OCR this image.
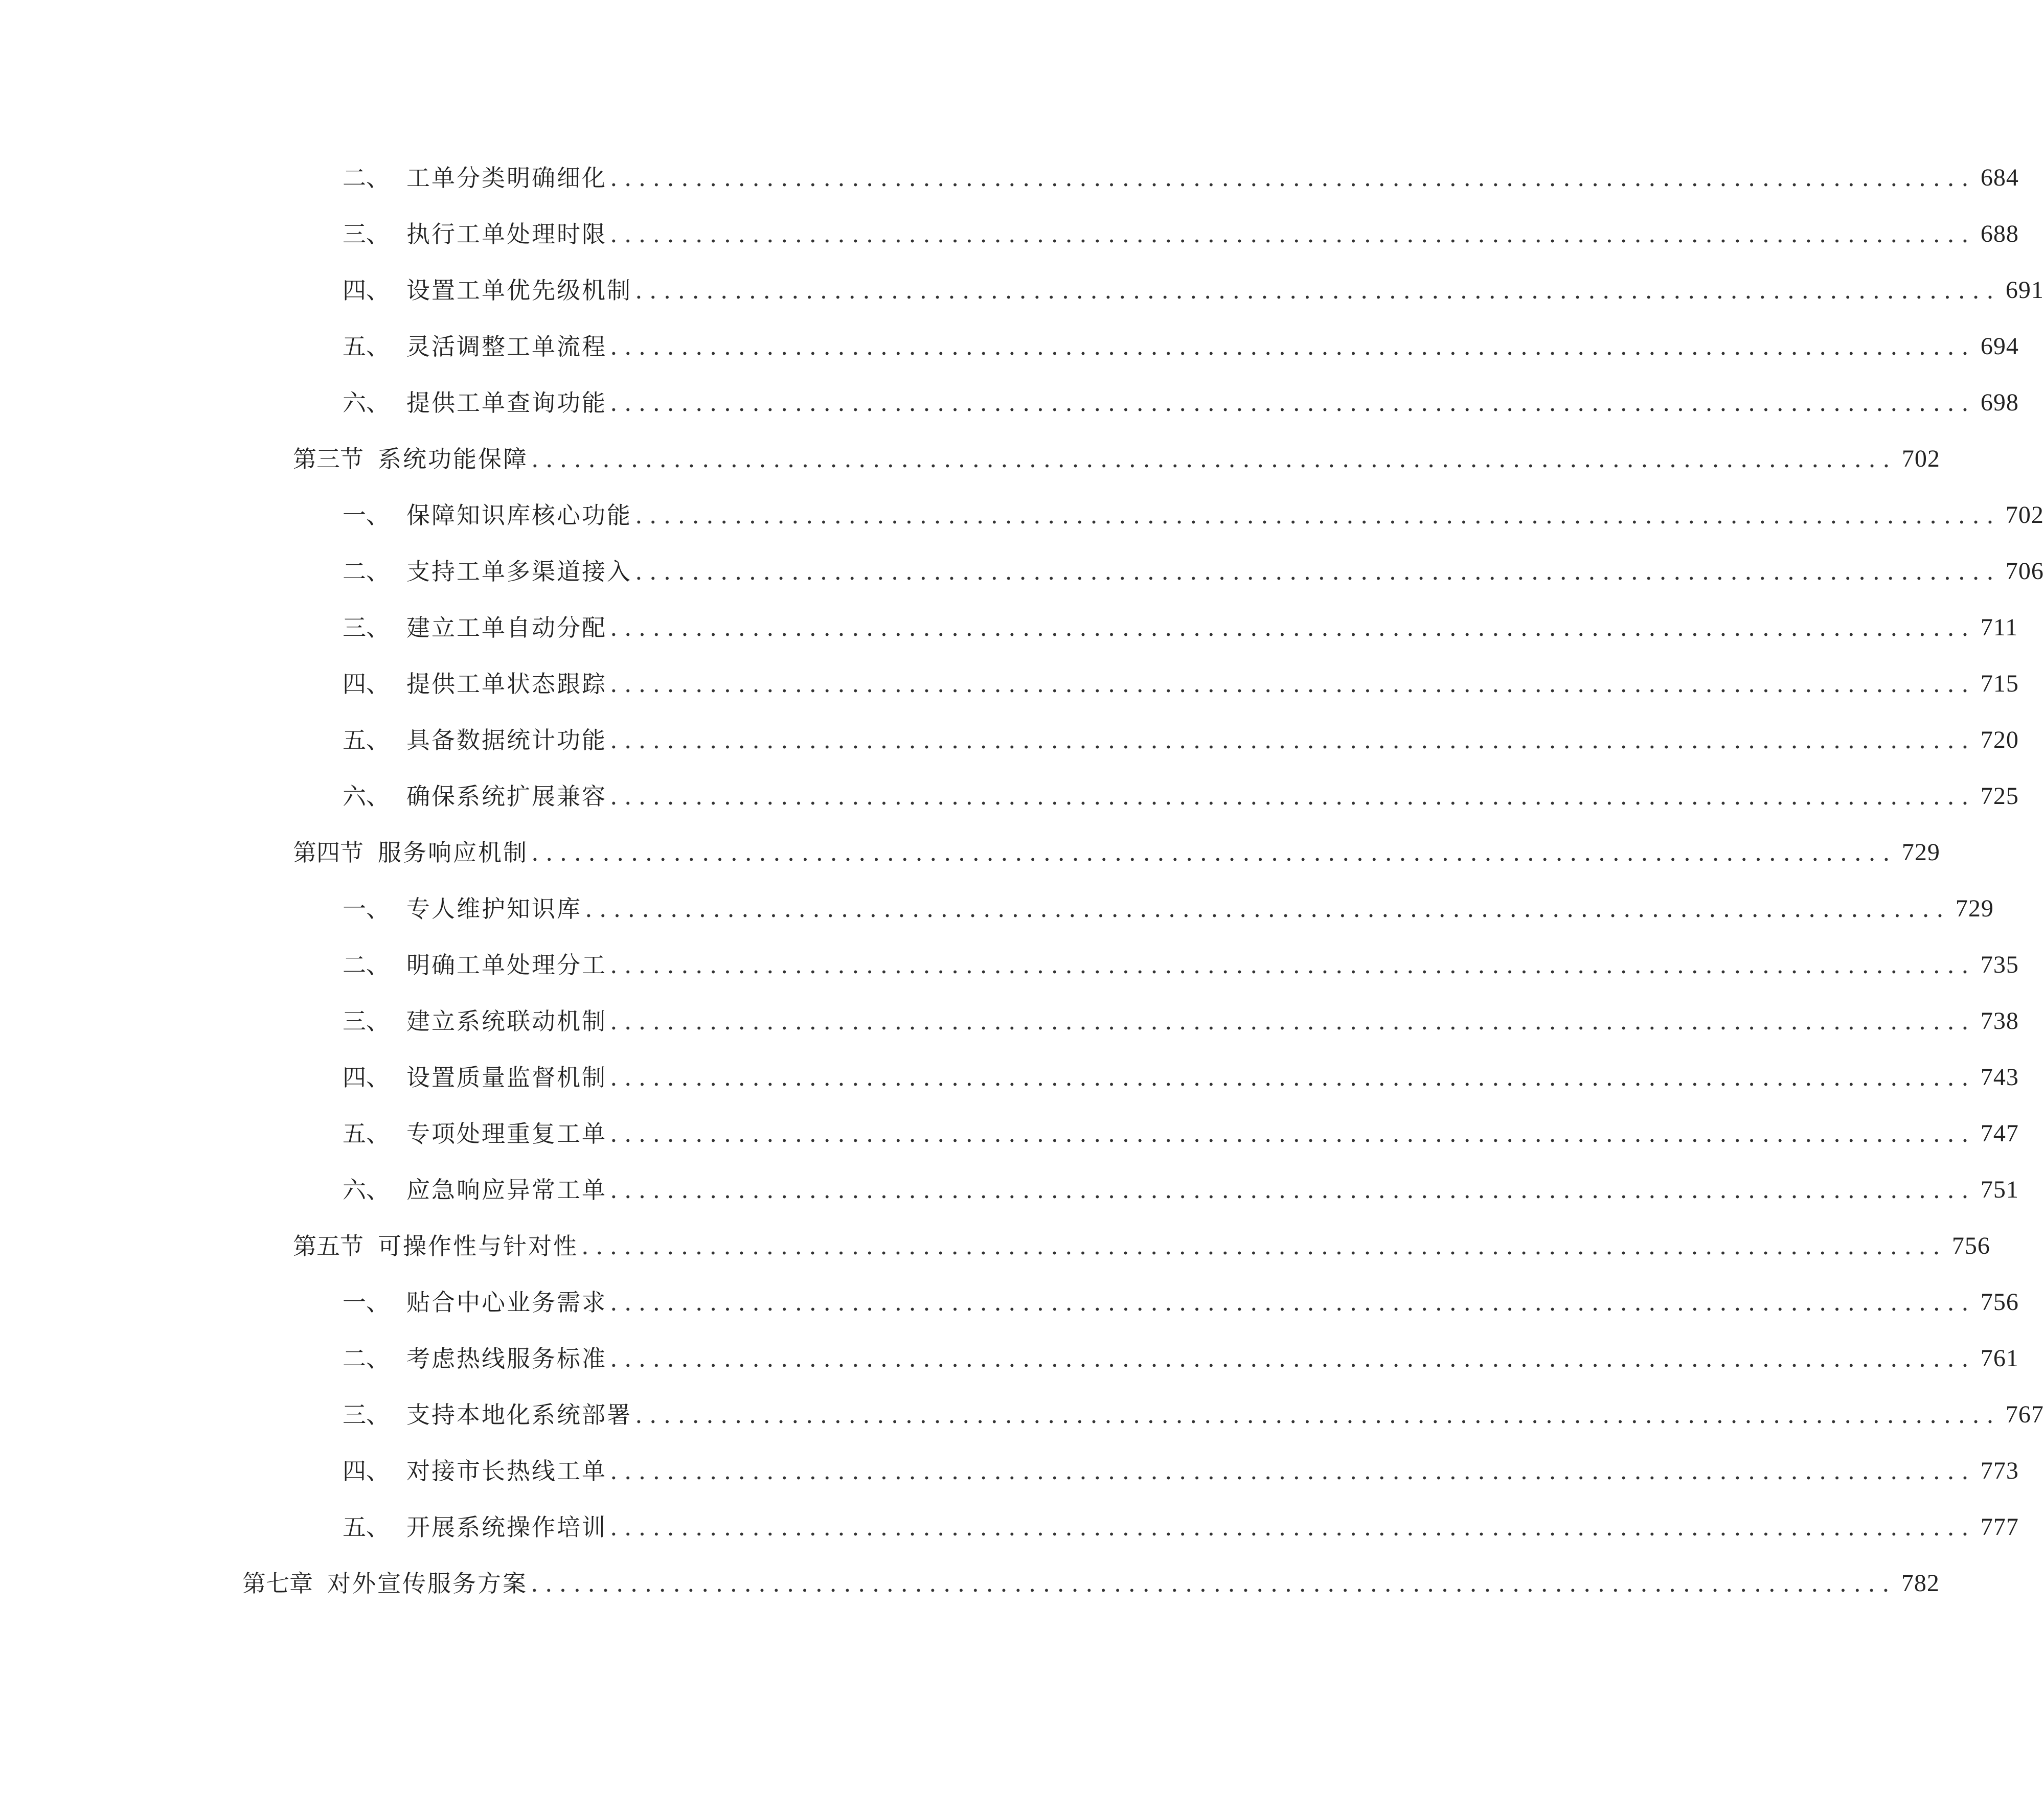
二、 工单分类明确细化 ................................................................................................ 684
三、 执行工单处理时限 ................................................................................................ 688
四、 设置工单优先级机制 ................................................................................................ 691
五、 灵活调整工单流程 ................................................................................................ 694
六、 提供工单查询功能 ................................................................................................ 698
第三节 系统功能保障 ................................................................................................ 702
一、 保障知识库核心功能 ................................................................................................ 702
二、 支持工单多渠道接入 ................................................................................................ 706
三、 建立工单自动分配 ................................................................................................ 711
四、 提供工单状态跟踪 ................................................................................................ 715
五、 具备数据统计功能 ................................................................................................ 720
六、 确保系统扩展兼容 ................................................................................................ 725
第四节 服务响应机制 ................................................................................................ 729
一、 专人维护知识库 ................................................................................................ 729
二、 明确工单处理分工 ................................................................................................ 735
三、 建立系统联动机制 ................................................................................................ 738
四、 设置质量监督机制 ................................................................................................ 743
五、 专项处理重复工单 ................................................................................................ 747
六、 应急响应异常工单 ................................................................................................ 751
第五节 可操作性与针对性 ................................................................................................ 756
一、 贴合中心业务需求 ................................................................................................ 756
二、 考虑热线服务标准 ................................................................................................ 761
三、 支持本地化系统部署 ................................................................................................ 767
四、 对接市长热线工单 ................................................................................................ 773
五、 开展系统操作培训 ................................................................................................ 777
第七章 对外宣传服务方案 ................................................................................................ 782
